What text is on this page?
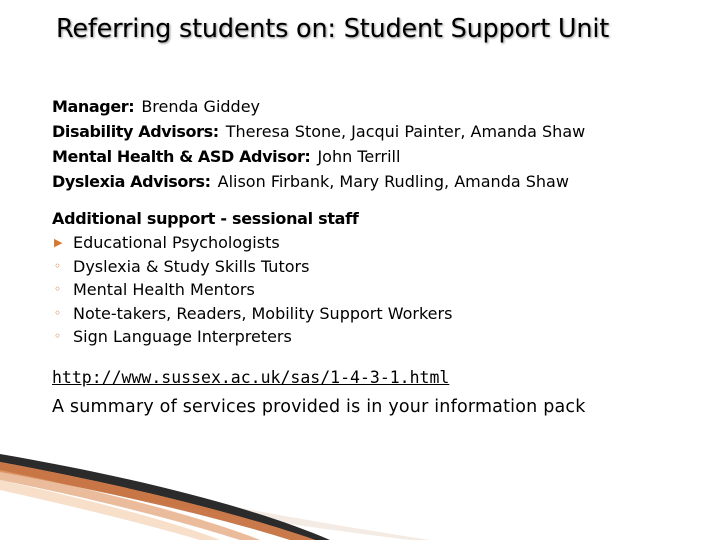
Referring students on: Student Support Unit
Manager: Brenda Giddey
Disability Advisors: Theresa Stone, Jacqui Painter, Amanda Shaw
Mental Health & ASD Advisor: John Terrill
Dyslexia Advisors: Alison Firbank, Mary Rudling, Amanda Shaw
Additional support - sessional staff
▶ Educational Psychologists
◦ Dyslexia & Study Skills Tutors
◦ Mental Health Mentors
◦ Note-takers, Readers, Mobility Support Workers
◦ Sign Language Interpreters
http://www.sussex.ac.uk/sas/1-4-3-1.html
A summary of services provided is in your information pack
